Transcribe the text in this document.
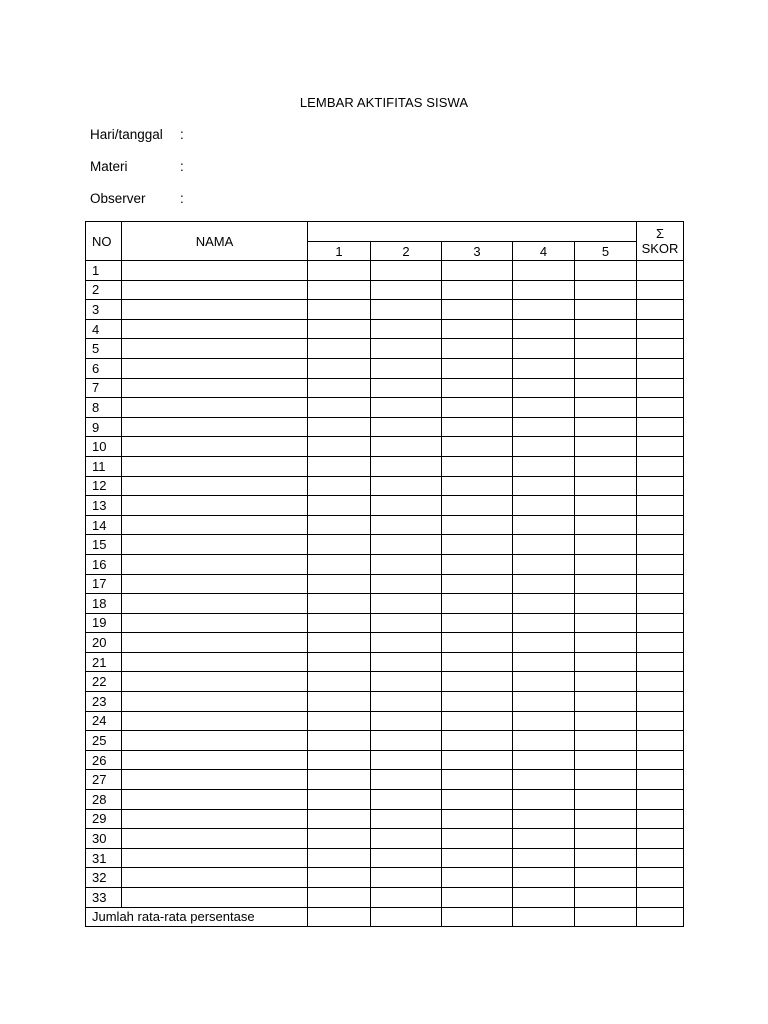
LEMBAR AKTIFITAS SISWA
Hari/tanggal :
Materi	:
Observer	:
NO	NAMA						Σ
SKOR

		1	2	3	4	5	
1							
2							
3							
4							
5							
6							
7							
8							
9							
10							
11							
12							
13							
14							
15							
16							
17							
18							
19							
20							
21							
22							
23							
24							
25							
26							
27							
28							
29							
30							
31							
32							
33							
Jumlah rata-rata persentase							
